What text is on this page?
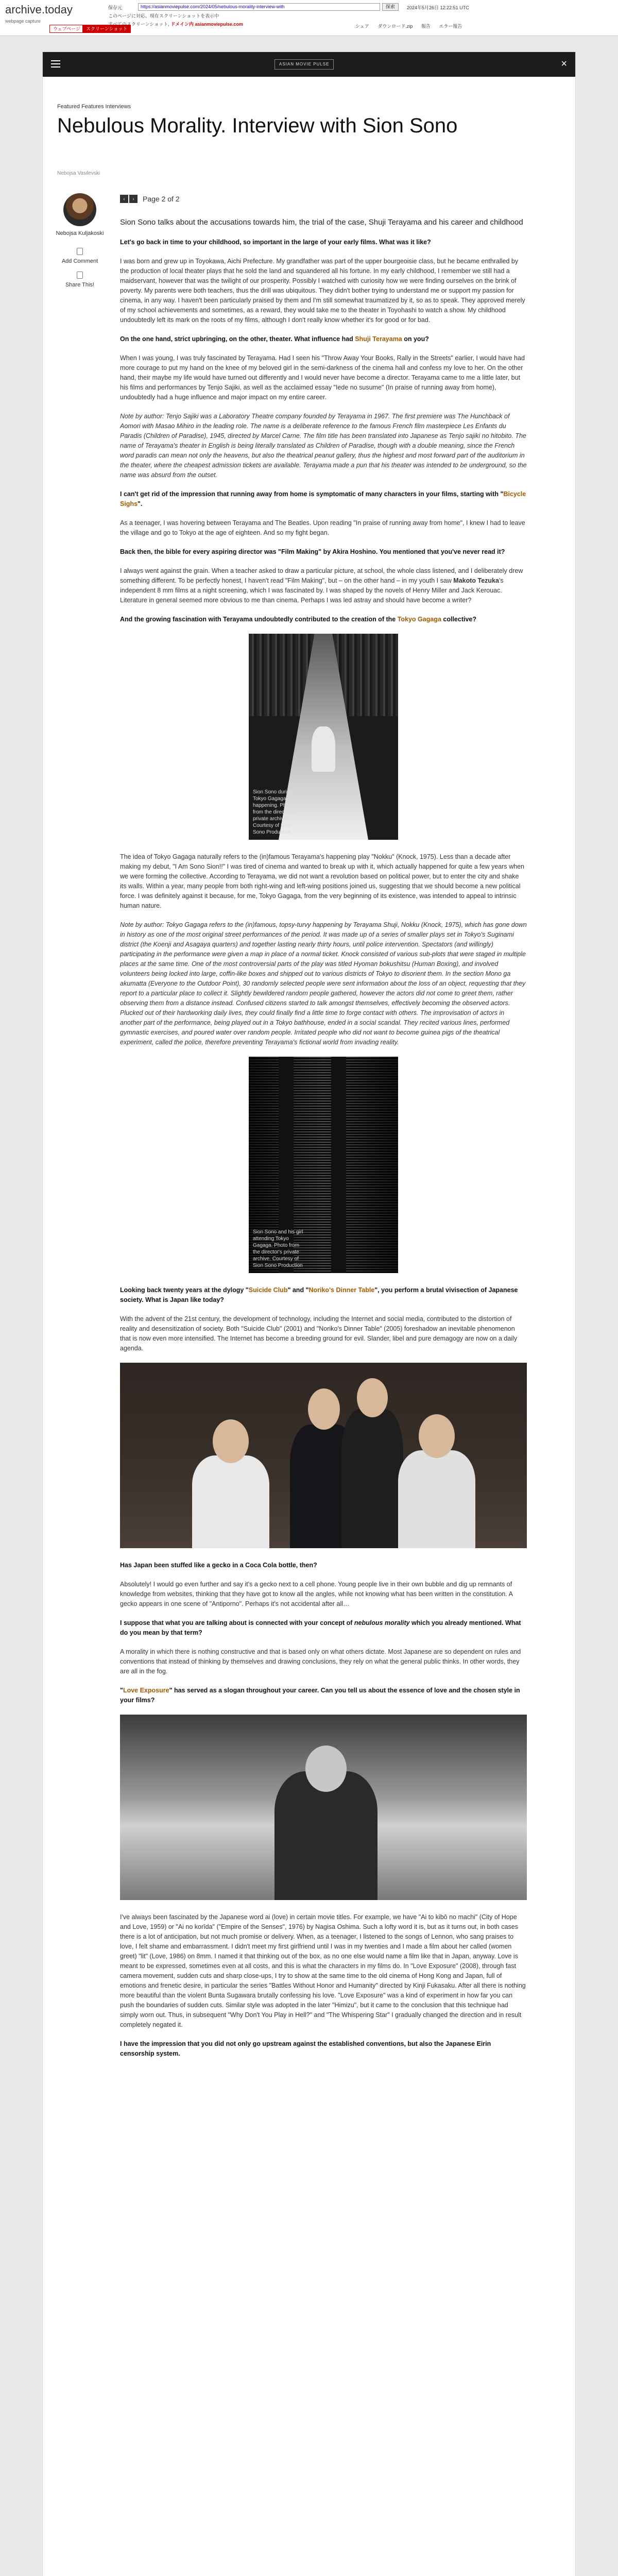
archive.today
webpage capture
ウェブページ	スクリーンショット
保存元	https://asianmoviepulse.com/2024/05/nebulous-morality-interview-with	探索	2024年5月26日 12:22:51 UTC
このページに対応。現在スクリーンショットを表示中
すべてのスクリーンショット, ドメイン内 asianmoviepulse.com	シェア ダウンロード.zip 報告 エラー報告
ASIAN MOVIE PULSE	×
Featured Features Interviews
Nebulous Morality. Interview with Sion Sono
Nebojsa Vasilevski
Nebojsa Kuljakoski
Add Comment
Share This!
‹ › Page 2 of 2

Sion Sono talks about the accusations towards him, the trial of the case, Shuji Terayama and his career and childhood

Let's go back in time to your childhood, so important in the large of your early films. What was it like?

I was born and grew up in Toyokawa, Aichi Prefecture. My grandfather was part of the upper bourgeoisie class, but he became enthralled by the production of local theater plays that he sold the land and squandered all his fortune. In my early childhood, I remember we still had a maidservant, however that was the twilight of our prosperity. Possibly I watched with curiosity how we were finding ourselves on the brink of poverty. My parents were both teachers, thus the drill was ubiquitous. They didn't bother trying to understand me or support my passion for cinema, in any way. I haven't been particularly praised by them and I'm still somewhat traumatized by it, so as to speak. They approved merely of my school achievements and sometimes, as a reward, they would take me to the theater in Toyohashi to watch a show. My childhood undoubtedly left its mark on the roots of my films, although I don't really know whether it's for good or for bad.

On the one hand, strict upbringing, on the other, theater. What influence had Shuji Terayama on you?

When I was young, I was truly fascinated by Terayama. Had I seen his "Throw Away Your Books, Rally in the Streets" earlier, I would have had more courage to put my hand on the knee of my beloved girl in the semi-darkness of the cinema hall and confess my love to her. On the other hand, their maybe my life would have turned out differently and I would never have become a director. Terayama came to me a little later, but his films and performances by Tenjo Sajiki, as well as the acclaimed essay "Iede no susume" (In praise of running away from home), undoubtedly had a huge influence and major impact on my entire career.

Note by author: Tenjo Sajiki was a Laboratory Theatre company founded by Terayama in 1967. The first premiere was The Hunchback of Aomori with Masao Mihiro in the leading role. The name is a deliberate reference to the famous French film masterpiece Les Enfants du Paradis (Children of Paradise), 1945, directed by Marcel Carne. The film title has been translated into Japanese as Tenjo sajiki no hitobito. The name of Terayama's theater in English is being literally translated as Children of Paradise, though with a double meaning, since the French word paradis can mean not only the heavens, but also the theatrical peanut gallery, thus the highest and most forward part of the auditorium in the theater, where the cheapest admission tickets are available. Terayama made a pun that his theater was intended to be underground, so the name was absurd from the outset.

I can't get rid of the impression that running away from home is symptomatic of many characters in your films, starting with "Bicycle Sighs".

As a teenager, I was hovering between Terayama and The Beatles. Upon reading "In praise of running away from home", I knew I had to leave the village and go to Tokyo at the age of eighteen. And so my fight began.

Back then, the bible for every aspiring director was "Film Making" by Akira Hoshino. You mentioned that you've never read it?

I always went against the grain. When a teacher asked to draw a particular picture, at school, the whole class listened, and I deliberately drew something different. To be perfectly honest, I haven't read "Film Making", but – on the other hand – in my youth I saw Makoto Tezuka's independent 8 mm films at a night screening, which I was fascinated by. I was shaped by the novels of Henry Miller and Jack Kerouac. Literature in general seemed more obvious to me than cinema. Perhaps I was led astray and should have become a writer?

And the growing fascination with Terayama undoubtedly contributed to the creation of the Tokyo Gagaga collective?

Sion Sono during Tokyo Gagaga happening. Photo from the director's private archive. Courtesy of Sion Sono Production

The idea of Tokyo Gagaga naturally refers to the (in)famous Terayama's happening play "Nokku" (Knock, 1975). Less than a decade after making my debut, "I Am Sono Sion!!" I was tired of cinema and wanted to break up with it, which actually happened for quite a few years when we were forming the collective. According to Terayama, we did not want a revolution based on political power, but to enter the city and shake its walls. Within a year, many people from both right-wing and left-wing positions joined us, suggesting that we should become a new political force. I was definitely against it because, for me, Tokyo Gagaga, from the very beginning of its existence, was intended to appeal to intrinsic human nature.

Note by author: Tokyo Gagaga refers to the (in)famous, topsy-turvy happening by Terayama Shuji, Nokku (Knock, 1975), which has gone down in history as one of the most original street performances of the period. It was made up of a series of smaller plays set in Tokyo's Suginami district (the Koenji and Asagaya quarters) and together lasting nearly thirty hours, until police intervention. Spectators (and willingly) participating in the performance were given a map in place of a normal ticket. Knock consisted of various sub-plots that were staged in multiple places at the same time. One of the most controversial parts of the play was titled Hyoman bokushitsu (Human Boxing), and involved volunteers being locked into large, coffin-like boxes and shipped out to various districts of Tokyo to disorient them. In the section Mono ga akumatta (Everyone to the Outdoor Point), 30 randomly selected people were sent information about the loss of an object, requesting that they report to a particular place to collect it. Slightly bewildered random people gathered, however the actors did not come to greet them, rather observing them from a distance instead. Confused citizens started to talk amongst themselves, effectively becoming the observed actors. Plucked out of their hardworking daily lives, they could finally find a little time to forge contact with others. The improvisation of actors in another part of the performance, being played out in a Tokyo bathhouse, ended in a social scandal. They recited various lines, performed gymnastic exercises, and poured water over random people. Irritated people who did not want to become guinea pigs of the theatrical experiment, called the police, therefore preventing Terayama's fictional world from invading reality.

Sion Sono and his girl attending Tokyo Gagaga. Photo from the director's private archive. Courtesy of Sion Sono Production

Looking back twenty years at the dylogy "Suicide Club" and "Noriko's Dinner Table", you perform a brutal vivisection of Japanese society. What is Japan like today?

With the advent of the 21st century, the development of technology, including the Internet and social media, contributed to the distortion of reality and desensitization of society. Both "Suicide Club" (2001) and "Noriko's Dinner Table" (2005) foreshadow an inevitable phenomenon that is now even more intensified. The Internet has become a breeding ground for evil. Slander, libel and pure demagogy are now on a daily agenda.

Has Japan been stuffed like a gecko in a Coca Cola bottle, then?

Absolutely! I would go even further and say it's a gecko next to a cell phone. Young people live in their own bubble and dig up remnants of knowledge from websites, thinking that they have got to know all the angles, while not knowing what has been written in the constitution. A gecko appears in one scene of "Antiporno". Perhaps it's not accidental after all…

I suppose that what you are talking about is connected with your concept of nebulous morality which you already mentioned. What do you mean by that term?

A morality in which there is nothing constructive and that is based only on what others dictate. Most Japanese are so dependent on rules and conventions that instead of thinking by themselves and drawing conclusions, they rely on what the general public thinks. In other words, they are all in the fog.

"Love Exposure" has served as a slogan throughout your career. Can you tell us about the essence of love and the chosen style in your films?

I've always been fascinated by the Japanese word ai (love) in certain movie titles. For example, we have "Ai to kibō no machi" (City of Hope and Love, 1959) or "Ai no korīda" ("Empire of the Senses", 1976) by Nagisa Oshima. Such a lofty word it is, but as it turns out, in both cases there is a lot of anticipation, but not much promise or delivery. When, as a teenager, I listened to the songs of Lennon, who sang praises to love, I felt shame and embarrassment. I didn't meet my first girlfriend until I was in my twenties and I made a film about her called (women greet) "lit" (Love, 1986) on 8mm. I named it that thinking out of the box, as no one else would name a film like that in Japan, anyway. Love is meant to be expressed, sometimes even at all costs, and this is what the characters in my films do. In "Love Exposure" (2008), through fast camera movement, sudden cuts and sharp close-ups, I try to show at the same time to the old cinema of Hong Kong and Japan, full of emotions and frenetic desire, in particular the series "Battles Without Honor and Humanity" directed by Kinji Fukasaku. After all there is nothing more beautiful than the violent Bunta Sugawara brutally confessing his love. "Love Exposure" was a kind of experiment in how far you can push the boundaries of sudden cuts. Similar style was adopted in the later "Himizu", but it came to the conclusion that this technique had simply worn out. Thus, in subsequent "Why Don't You Play in Hell?" and "The Whispering Star" I gradually changed the direction and in result completely negated it.

I have the impression that you did not only go upstream against the established conventions, but also the Japanese Eirin censorship system.
